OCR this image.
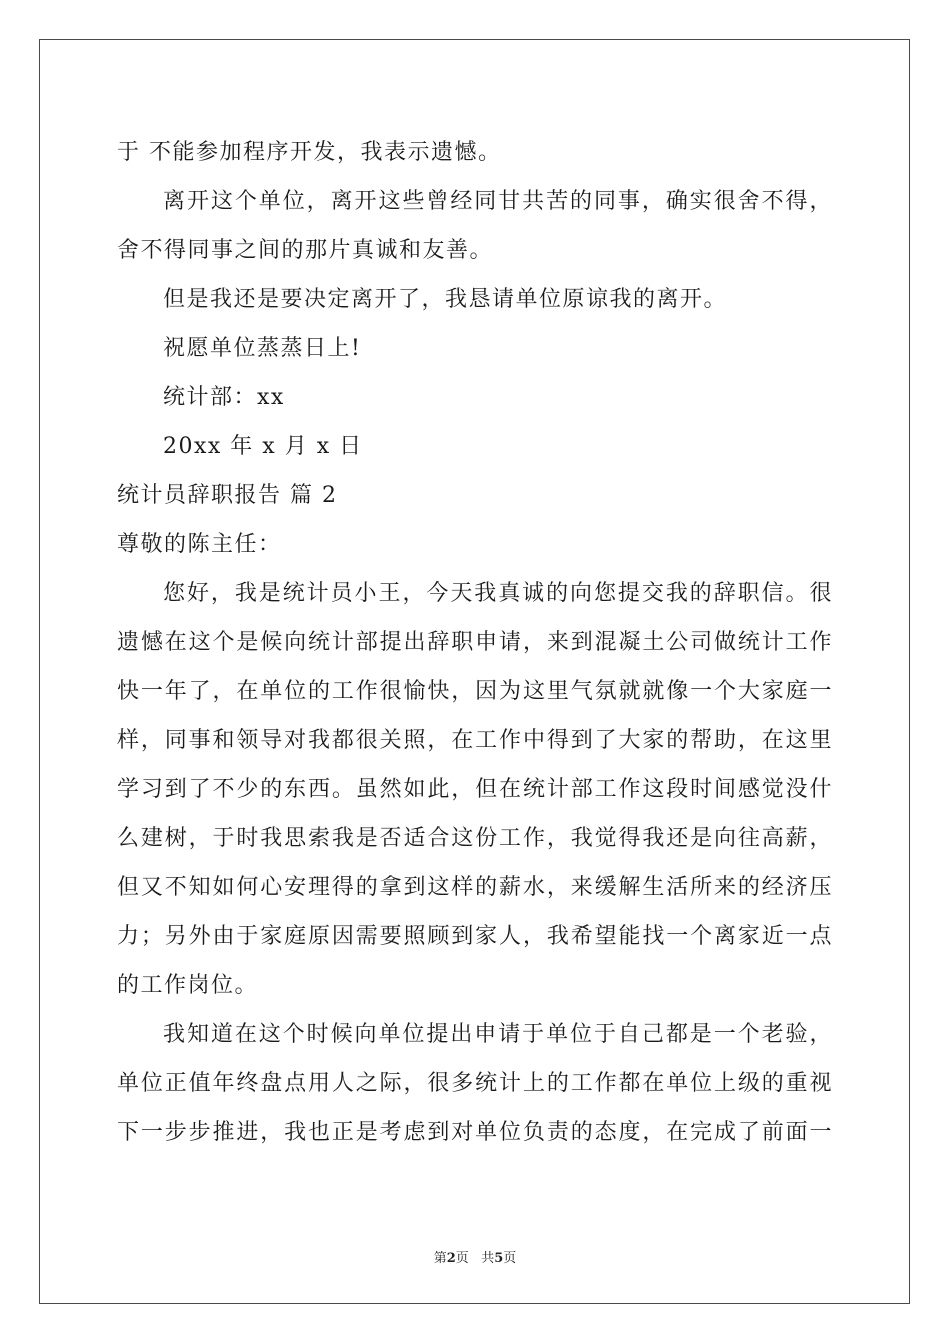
于 不能参加程序开发，我表示遗憾。
离开这个单位，离开这些曾经同甘共苦的同事，确实很舍不得，
舍不得同事之间的那片真诚和友善。
但是我还是要决定离开了，我恳请单位原谅我的离开。
祝愿单位蒸蒸日上!
统计部：xx
20xx 年 x 月 x 日
统计员辞职报告 篇 2
尊敬的陈主任：
您好，我是统计员小王，今天我真诚的向您提交我的辞职信。很
遗憾在这个是候向统计部提出辞职申请，来到混凝土公司做统计工作
快一年了，在单位的工作很愉快，因为这里气氛就就像一个大家庭一
样，同事和领导对我都很关照，在工作中得到了大家的帮助，在这里
学习到了不少的东西。虽然如此，但在统计部工作这段时间感觉没什
么建树，于时我思索我是否适合这份工作，我觉得我还是向往高薪，
但又不知如何心安理得的拿到这样的薪水，来缓解生活所来的经济压
力；另外由于家庭原因需要照顾到家人，我希望能找一个离家近一点
的工作岗位。
我知道在这个时候向单位提出申请于单位于自己都是一个老验，
单位正值年终盘点用人之际，很多统计上的工作都在单位上级的重视
下一步步推进，我也正是考虑到对单位负责的态度，在完成了前面一
第2页 共5页
